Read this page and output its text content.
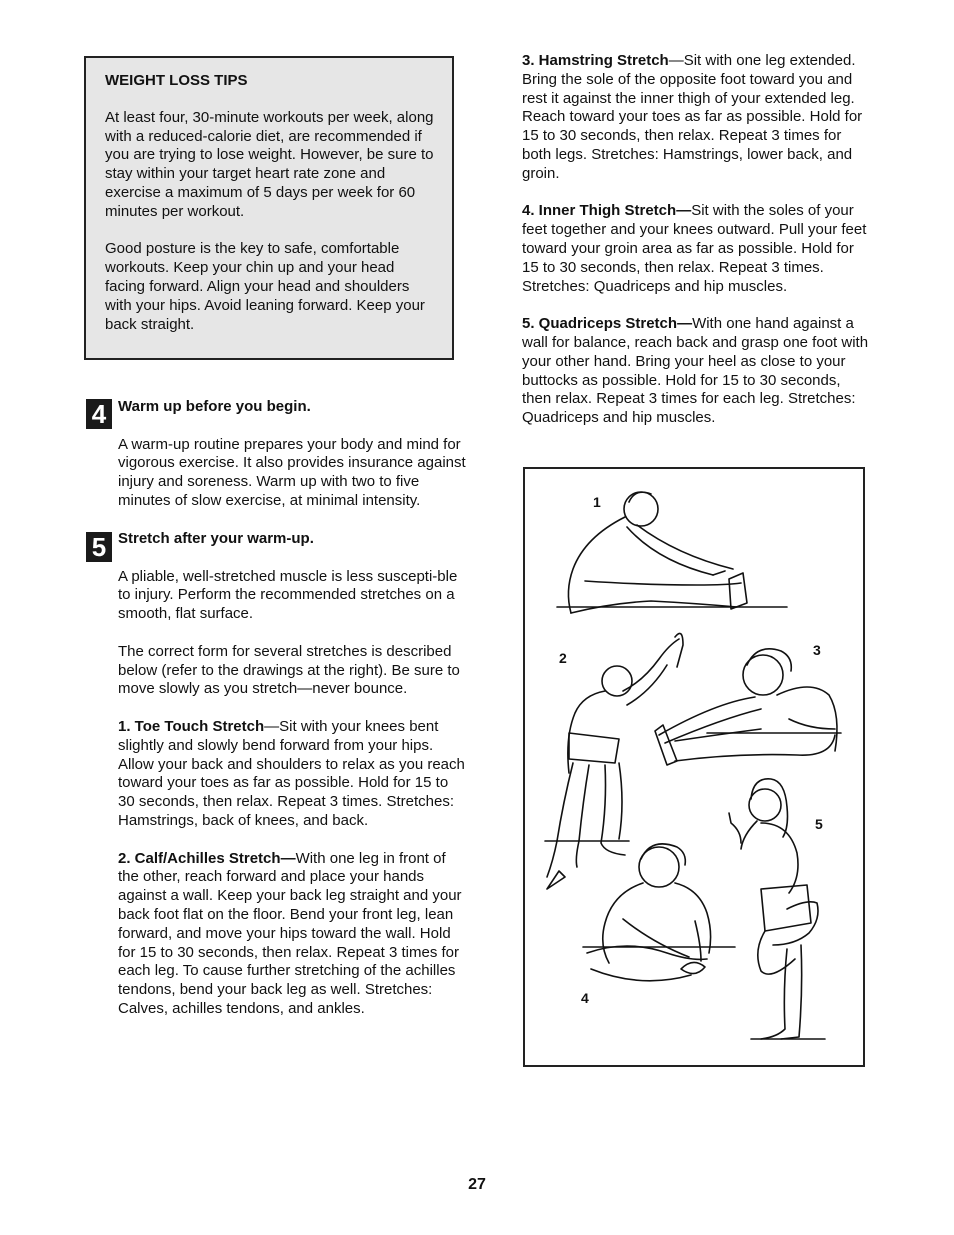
WEIGHT LOSS TIPS

At least four, 30-minute workouts per week, along with a reduced-calorie diet, are recommended if you are trying to lose weight. However, be sure to stay within your target heart rate zone and exercise a maximum of 5 days per week for 60 minutes per workout.

Good posture is the key to safe, comfortable workouts. Keep your chin up and your head facing forward. Align your head and shoulders with your hips. Avoid leaning forward. Keep your back straight.

4 Warm up before you begin.

A warm-up routine prepares your body and mind for vigorous exercise. It also provides insurance against injury and soreness. Warm up with two to five minutes of slow exercise, at minimal intensity.

5 Stretch after your warm-up.

A pliable, well-stretched muscle is less suscepti-ble to injury. Perform the recommended stretches on a smooth, flat surface.

The correct form for several stretches is described below (refer to the drawings at the right). Be sure to move slowly as you stretch—never bounce.

1. Toe Touch Stretch—Sit with your knees bent slightly and slowly bend forward from your hips. Allow your back and shoulders to relax as you reach toward your toes as far as possible. Hold for 15 to 30 seconds, then relax. Repeat 3 times. Stretches: Hamstrings, back of knees, and back.

2. Calf/Achilles Stretch—With one leg in front of the other, reach forward and place your hands against a wall. Keep your back leg straight and your back foot flat on the floor. Bend your front leg, lean forward, and move your hips toward the wall. Hold for 15 to 30 seconds, then relax. Repeat 3 times for each leg. To cause further stretching of the achilles tendons, bend your back leg as well. Stretches: Calves, achilles tendons, and ankles.

3. Hamstring Stretch—Sit with one leg extended. Bring the sole of the opposite foot toward you and rest it against the inner thigh of your extended leg. Reach toward your toes as far as possible. Hold for 15 to 30 seconds, then relax. Repeat 3 times for both legs. Stretches: Hamstrings, lower back, and groin.

4. Inner Thigh Stretch—Sit with the soles of your feet together and your knees outward. Pull your feet toward your groin area as far as possible. Hold for 15 to 30 seconds, then relax. Repeat 3 times. Stretches: Quadriceps and hip muscles.

5. Quadriceps Stretch—With one hand against a wall for balance, reach back and grasp one foot with your other hand. Bring your heel as close to your buttocks as possible. Hold for 15 to 30 seconds, then relax. Repeat 3 times for each leg. Stretches: Quadriceps and hip muscles.

1
2	3
4
5
27
